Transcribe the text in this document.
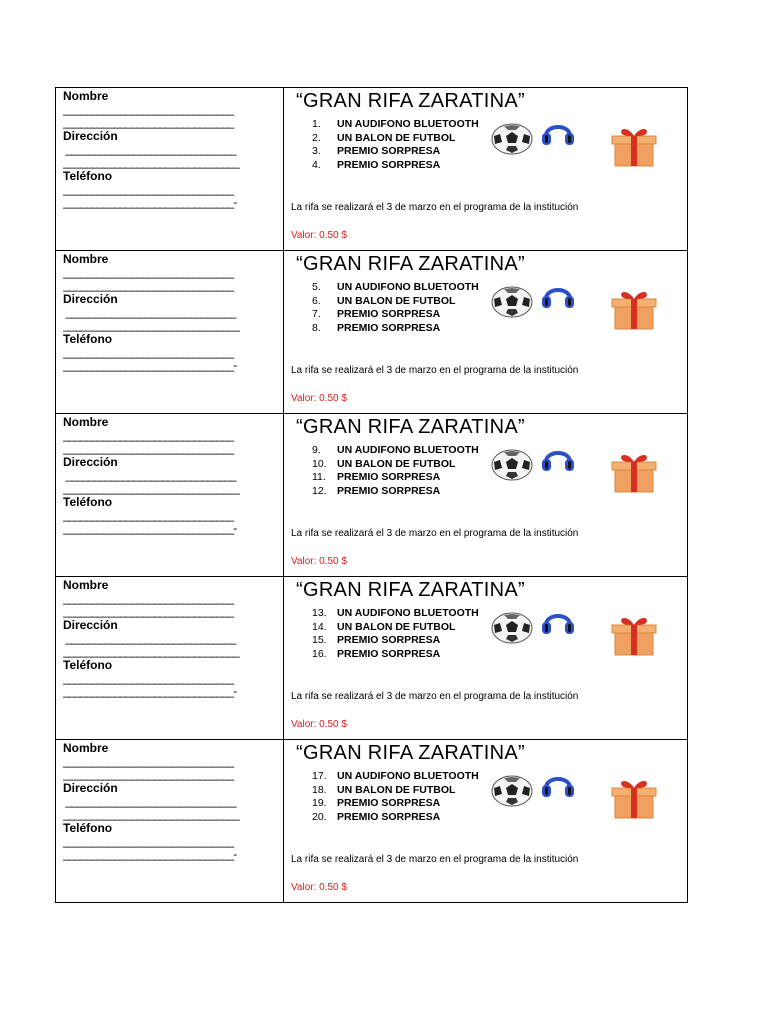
Nombre
______________________________
______________________________
Dirección
______________________________
_______________________________
Teléfono
______________________________
______________________________-
“GRAN RIFA ZARATINA”
1.	UN AUDIFONO BLUETOOTH
2.	UN BALON DE FUTBOL
3.	PREMIO SORPRESA
4.	PREMIO SORPRESA
La rifa se realizará el 3 de marzo en el programa de la institución
Valor: 0.50 $
Nombre
______________________________
______________________________
Dirección
______________________________
_______________________________
Teléfono
______________________________
______________________________-
“GRAN RIFA ZARATINA”
5.	UN AUDIFONO BLUETOOTH
6.	UN BALON DE FUTBOL
7.	PREMIO SORPRESA
8.	PREMIO SORPRESA
La rifa se realizará el 3 de marzo en el programa de la institución
Valor: 0.50 $
Nombre
______________________________
______________________________
Dirección
______________________________
_______________________________
Teléfono
______________________________
______________________________-
“GRAN RIFA ZARATINA”
9.	UN AUDIFONO BLUETOOTH
10. UN BALON DE FUTBOL
11.	PREMIO SORPRESA
12. PREMIO SORPRESA
La rifa se realizará el 3 de marzo en el programa de la institución
Valor: 0.50 $
Nombre
______________________________
______________________________
Dirección
______________________________
_______________________________
Teléfono
______________________________
______________________________-
“GRAN RIFA ZARATINA”
13. UN AUDIFONO BLUETOOTH
14. UN BALON DE FUTBOL
15. PREMIO SORPRESA
16. PREMIO SORPRESA
La rifa se realizará el 3 de marzo en el programa de la institución
Valor: 0.50 $
Nombre
______________________________
______________________________
Dirección
______________________________
_______________________________
Teléfono
______________________________
______________________________-
“GRAN RIFA ZARATINA”
17. UN AUDIFONO BLUETOOTH
18. UN BALON DE FUTBOL
19. PREMIO SORPRESA
20. PREMIO SORPRESA
La rifa se realizará el 3 de marzo en el programa de la institución
Valor: 0.50 $
